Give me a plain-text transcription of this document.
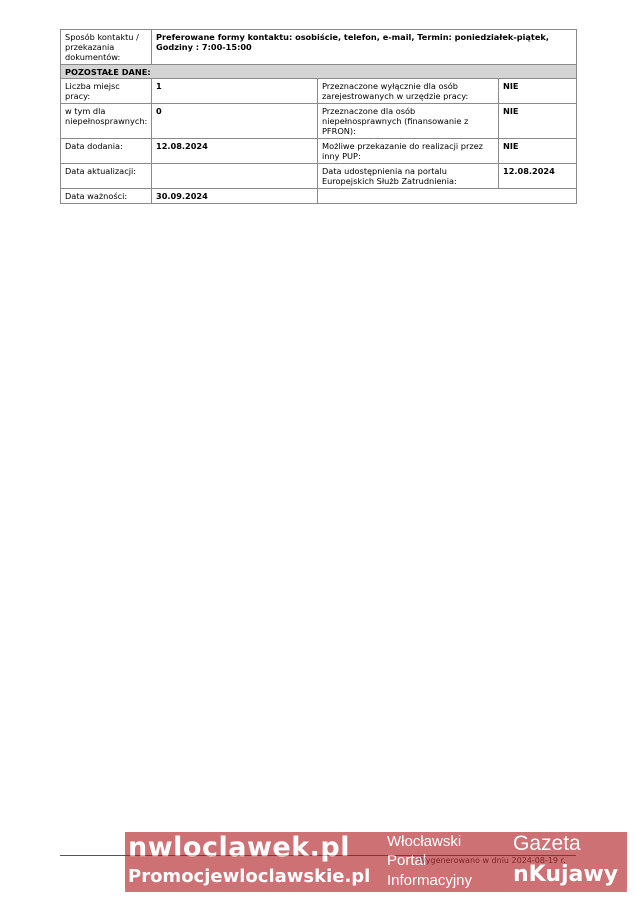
Sposób kontaktu / przekazania dokumentów:	Preferowane formy kontaktu: osobiście, telefon, e-mail, Termin: poniedziałek-piątek, Godziny : 7:00-15:00		
POZOSTAŁE DANE:			
Liczba miejsc pracy:	1	Przeznaczone wyłącznie dla osób zarejestrowanych w urzędzie pracy:	NIE
w tym dla niepełnosprawnych:	0	Przeznaczone dla osób niepełnosprawnych (finansowanie z PFRON):	NIE
Data dodania:	12.08.2024	Możliwe przekazanie do realizacji przez inny PUP:	NIE
Data aktualizacji:		Data udostępnienia na portalu Europejskich Służb Zatrudnienia:	12.08.2024
Data ważności:	30.09.2024		
nwloclawek.pl
Promocjewloclawskie.pl
Włocławski
Portal
Informacyjny
Gazeta
nKujawy
